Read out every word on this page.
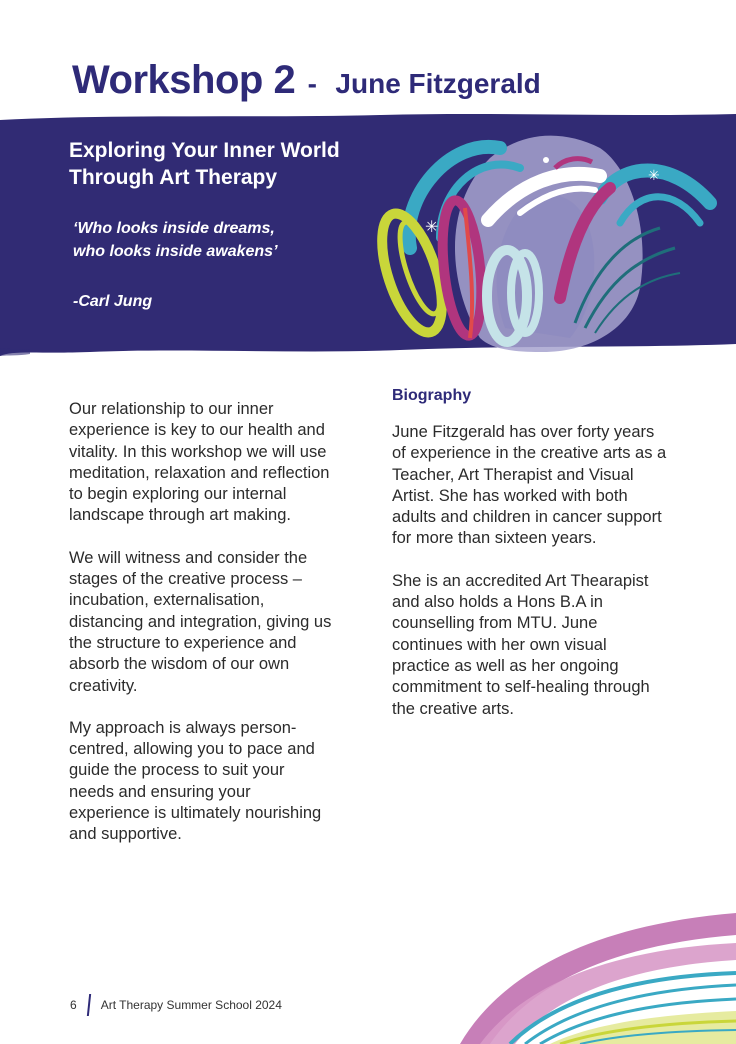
Workshop 2 - June Fitzgerald
Exploring Your Inner World
Through Art Therapy
‘Who looks inside dreams,
who looks inside awakens’
-Carl Jung
✳
✳

Our relationship to our inner experience is key to our health and vitality. In this workshop we will use meditation, relaxation and reflection to begin exploring our internal landscape through art making.

We will witness and consider the stages of the creative process – incubation, externalisation, distancing and integration, giving us the structure to experience and absorb the wisdom of our own creativity.

My approach is always person-centred, allowing you to pace and guide the process to suit your needs and ensuring your experience is ultimately nourishing and supportive.

Biography

June Fitzgerald has over forty years of experience in the creative arts as a Teacher, Art Therapist and Visual Artist. She has worked with both adults and children in cancer support for more than sixteen years.

She is an accredited Art Thearapist and also holds a Hons B.A in counselling from MTU. June continues with her own visual practice as well as her ongoing commitment to self-healing through the creative arts.

6 Art Therapy Summer School 2024
